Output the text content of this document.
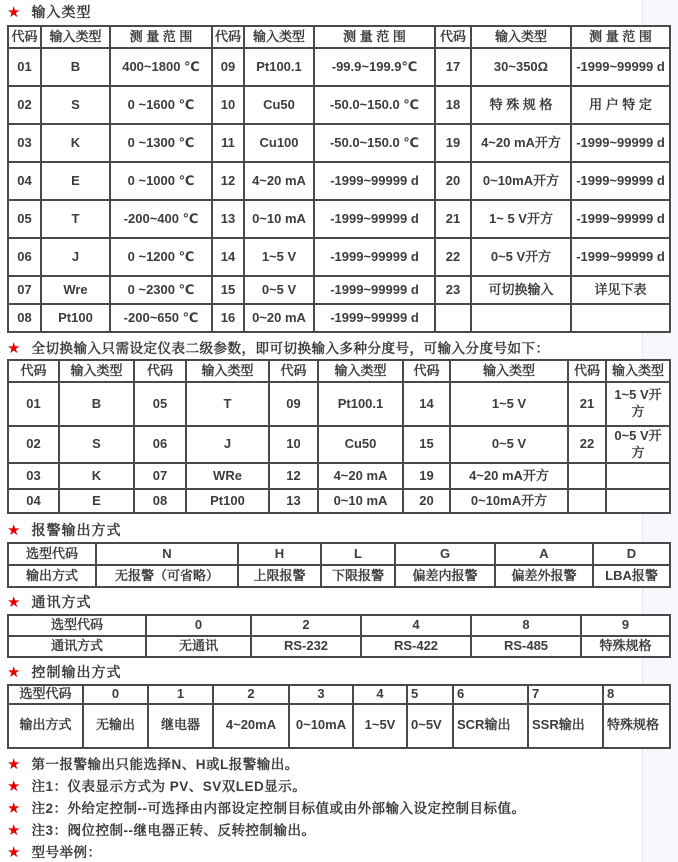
★ 输入类型
代码	输入类型	测 量 范 围	代码	输入类型	测 量 范 围	代码	输入类型	测 量 范 围
01	B	400~1800 ℃	09	Pt100.1	-99.9~199.9℃	17	30~350Ω	-1999~99999 d
02	S	0 ~1600 ℃	10	Cu50	-50.0~150.0 ℃	18	特 殊 规 格	用 户 特 定
03	K	0 ~1300 ℃	11	Cu100	-50.0~150.0 ℃	19	4~20 mA开方	-1999~99999 d
04	E	0 ~1000 ℃	12	4~20 mA	-1999~99999 d	20	0~10mA开方	-1999~99999 d
05	T	-200~400 ℃	13	0~10 mA	-1999~99999 d	21	1~ 5 V开方	-1999~99999 d
06	J	0 ~1200 ℃	14	1~5 V	-1999~99999 d	22	0~5 V开方	-1999~99999 d
07	Wre	0 ~2300 ℃	15	0~5 V	-1999~99999 d	23	可切换输入	详见下表
08	Pt100	-200~650 ℃	16	0~20 mA	-1999~99999 d			
★ 全切换输入只需设定仪表二级参数，即可切换输入多种分度号，可输入分度号如下：
代码	输入类型	代码	输入类型	代码	输入类型	代码	输入类型	代码	输入类型
01	B	05	T	09	Pt100.1	14	1~5 V	21	1~5 V开方
02	S	06	J	10	Cu50	15	0~5 V	22	0~5 V开方
03	K	07	WRe	12	4~20 mA	19	4~20 mA开方		
04	E	08	Pt100	13	0~10 mA	20	0~10mA开方		
★ 报警输出方式
选型代码	N	H	L	G	A	D
输出方式	无报警（可省略）	上限报警	下限报警	偏差内报警	偏差外报警	LBA报警
★ 通讯方式
选型代码	0	2	4	8	9
通讯方式	无通讯	RS-232	RS-422	RS-485	特殊规格
★ 控制输出方式
选型代码	0	1	2	3	4	5	6	7	8
输出方式	无输出	继电器	4~20mA	0~10mA	1~5V	0~5V	SCR输出	SSR输出	特殊规格
★ 第一报警输出只能选择N、H或L报警输出。
★ 注1：仪表显示方式为 PV、SV双LED显示。
★ 注2：外给定控制--可选择由内部设定控制目标值或由外部输入设定控制目标值。
★ 注3：阀位控制--继电器正转、反转控制输出。
★ 型号举例：
